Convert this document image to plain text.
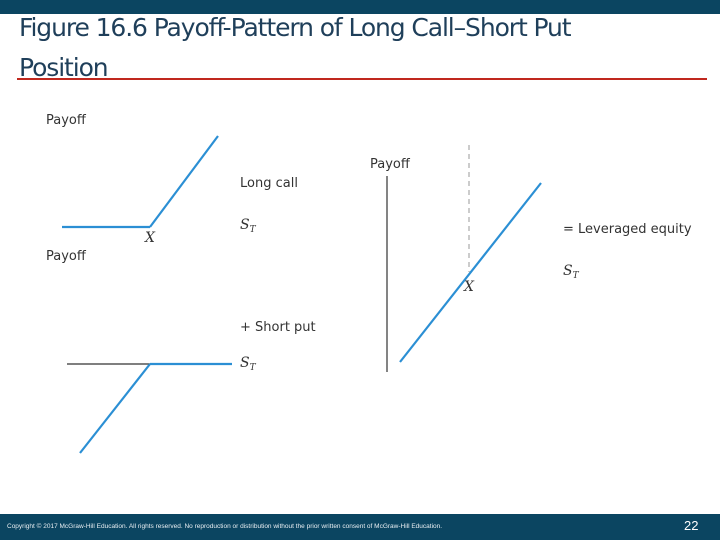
Figure 16.6 Payoff-Pattern of Long Call–Short Put
Position
Payoff
X
Long call
$S_T$
Payoff
+ Short put
$S_T$
Payoff
X
= Leveraged equity
$S_T$
Copyright © 2017 McGraw-Hill Education. All rights reserved. No reproduction or distribution without the prior written consent of McGraw-Hill Education.	22
